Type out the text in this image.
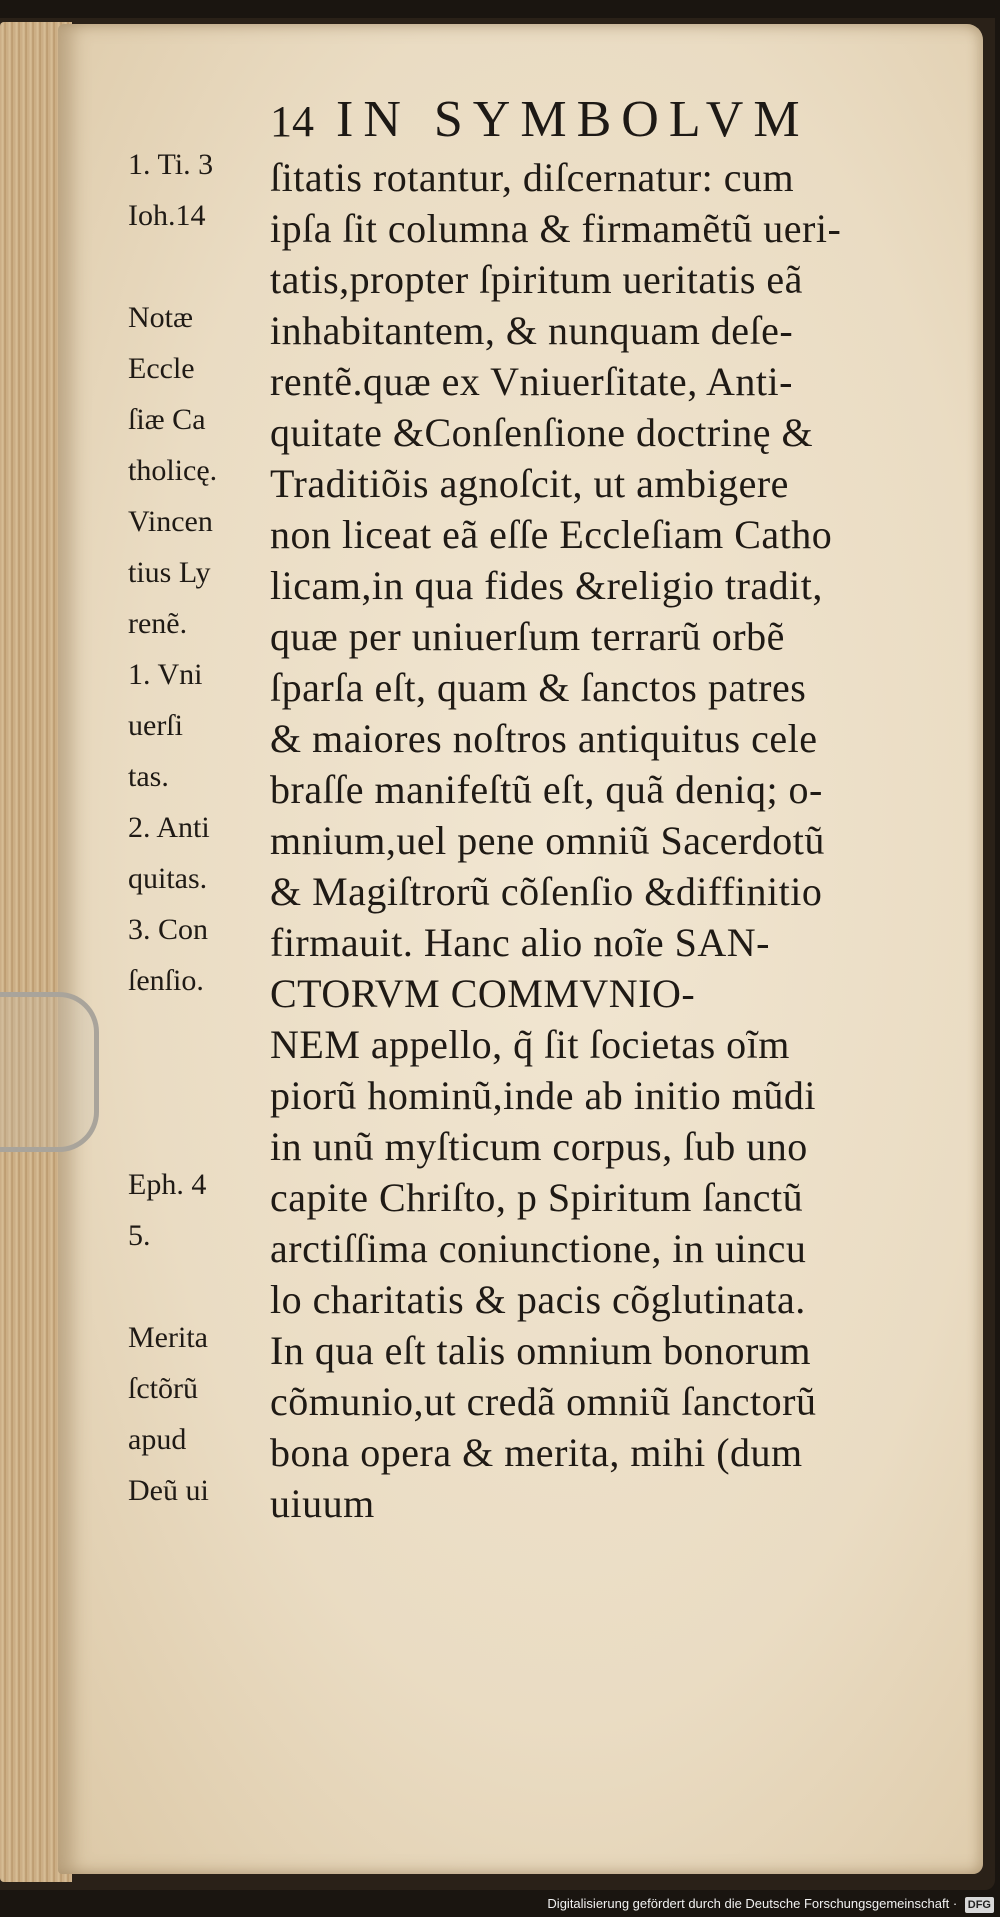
14 IN SYMBOLVM
ſitatis rotantur, diſcernatur: cum
ipſa ſit columna & firmamẽtũ ueri-
tatis,propter ſpiritum ueritatis eã
inhabitantem, & nunquam deſe-
rentẽ.quæ ex Vniuerſitate, Anti-
quitate &Conſenſione doctrinę &
Traditiõis agnoſcit, ut ambigere
non liceat eã eſſe Eccleſiam Catho
licam,in qua fides &religio tradit,
quæ per uniuerſum terrarũ orbẽ
ſparſa eſt, quam & ſanctos patres
& maiores noſtros antiquitus cele
braſſe manifeſtũ eſt, quã deniq; o-
mnium,uel pene omniũ Sacerdotũ
& Magiſtrorũ cõſenſio &diffinitio
firmauit. Hanc alio noĩe SAN-
CTORVM COMMVNIO-
NEM appello, q̃ ſit ſocietas oĩm
piorũ hominũ,inde ab initio mũdi
in unũ myſticum corpus, ſub uno
capite Chriſto, p Spiritum ſanctũ
arctiſſima coniunctione, in uincu
lo charitatis & pacis cõglutinata.
In qua eſt talis omnium bonorum
cõmunio,ut credã omniũ ſanctorũ
bona opera & merita, mihi (dum
uiuum
1. Ti. 3
Ioh.14
Notæ
Eccle
ſiæ Ca
tholicę.
Vincen
tius Ly
renẽ.
1. Vni
uerſi
tas.
2. Anti
quitas.
3. Con
ſenſio.
Eph. 4
5.
Merita
ſctõrũ
apud
Deũ ui
Digitalisierung gefördert durch die Deutsche Forschungsgemeinschaft · DFG
